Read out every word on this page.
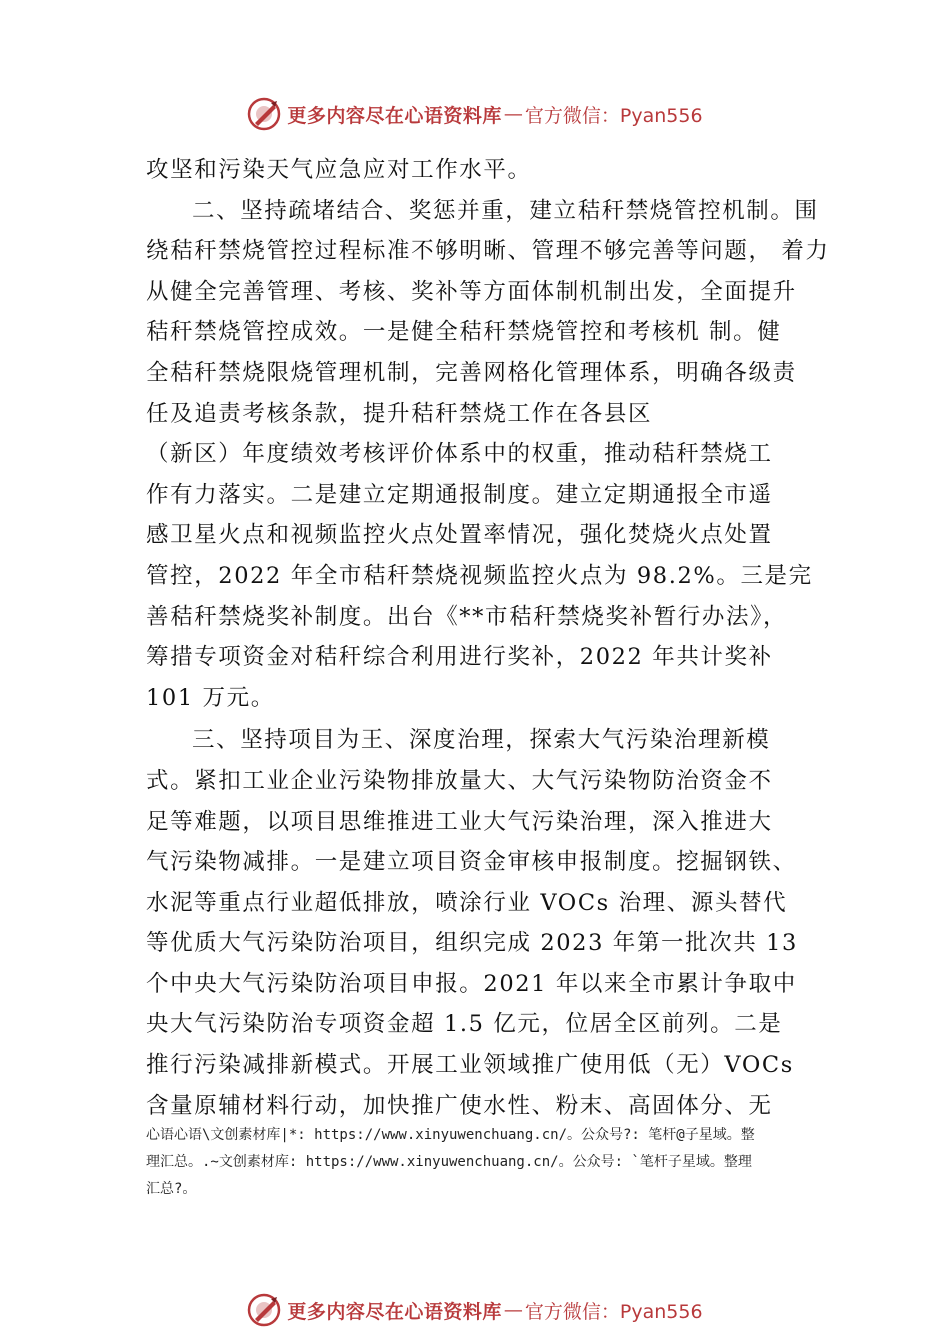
更多内容尽在心语资料库 — 官方微信：Pyan556
攻坚和污染天气应急应对工作水平。
二、坚持疏堵结合、奖惩并重，建立秸秆禁烧管控机制。围
绕秸秆禁烧管控过程标准不够明晰、管理不够完善等问题， 着力
从健全完善管理、考核、奖补等方面体制机制出发，全面提升
秸秆禁烧管控成效。一是健全秸秆禁烧管控和考核机 制。健
全秸秆禁烧限烧管理机制，完善网格化管理体系，明确各级责
任及追责考核条款，提升秸秆禁烧工作在各县区
（新区）年度绩效考核评价体系中的权重，推动秸秆禁烧工
作有力落实。二是建立定期通报制度。建立定期通报全市遥
感卫星火点和视频监控火点处置率情况，强化焚烧火点处置
管控，2022 年全市秸秆禁烧视频监控火点为 98.2%。三是完
善秸秆禁烧奖补制度。出台《**市秸秆禁烧奖补暂行办法》，
筹措专项资金对秸秆综合利用进行奖补，2022 年共计奖补
101 万元。
三、坚持项目为王、深度治理，探索大气污染治理新模
式。紧扣工业企业污染物排放量大、大气污染物防治资金不
足等难题，以项目思维推进工业大气污染治理，深入推进大
气污染物减排。一是建立项目资金审核申报制度。挖掘钢铁、
水泥等重点行业超低排放，喷涂行业 VOCs 治理、源头替代
等优质大气污染防治项目，组织完成 2023 年第一批次共 13
个中央大气污染防治项目申报。2021 年以来全市累计争取中
央大气污染防治专项资金超 1.5 亿元，位居全区前列。二是
推行污染减排新模式。开展工业领域推广使用低（无）VOCs
含量原辅材料行动，加快推广使水性、粉末、高固体分、无
心语心语\文创素材库|*: https://www.xinyuwenchuang.cn/。公众号?: 笔杆@子星域。整
理汇总。.~文创素材库: https://www.xinyuwenchuang.cn/。公众号: `笔杆子星域。整理
汇总?。
更多内容尽在心语资料库 — 官方微信：Pyan556
